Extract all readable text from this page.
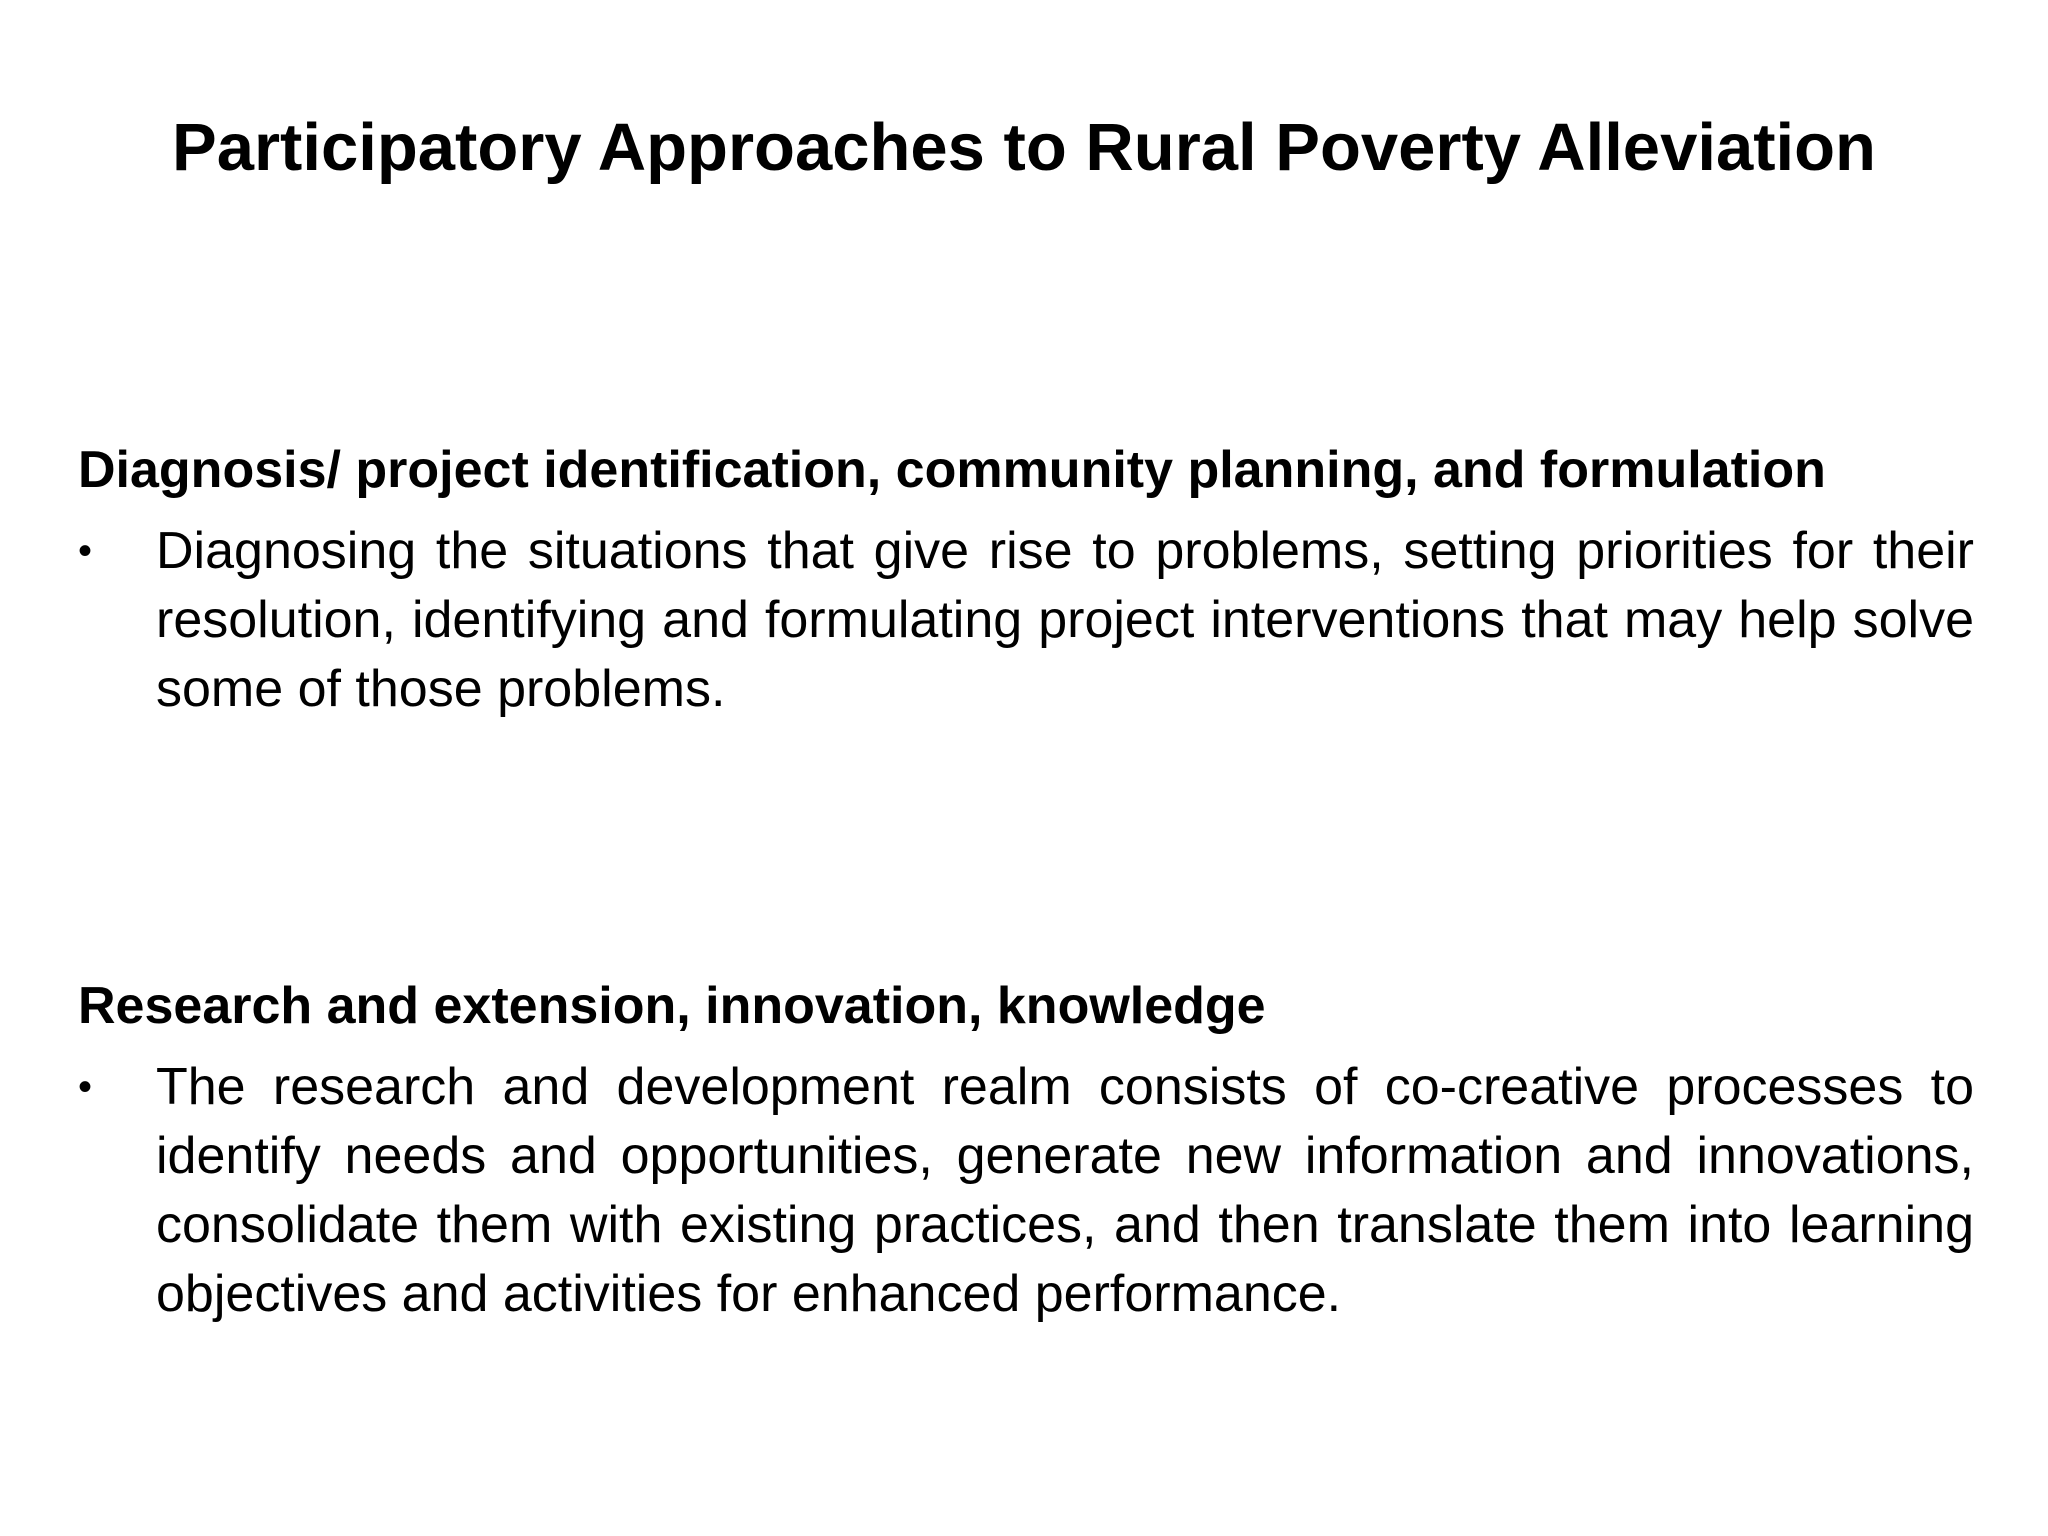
Participatory Approaches to Rural Poverty Alleviation

Diagnosis/ project identification, community planning, and formulation

•	Diagnosing the situations that give rise to problems, setting priorities for their resolution, identifying and formulating project interventions that may help solve some of those problems.

Research and extension, innovation, knowledge

•	The research and development realm consists of co-creative processes to identify needs and opportunities, generate new information and innovations, consolidate them with existing practices, and then translate them into learning objectives and activities for enhanced performance.
